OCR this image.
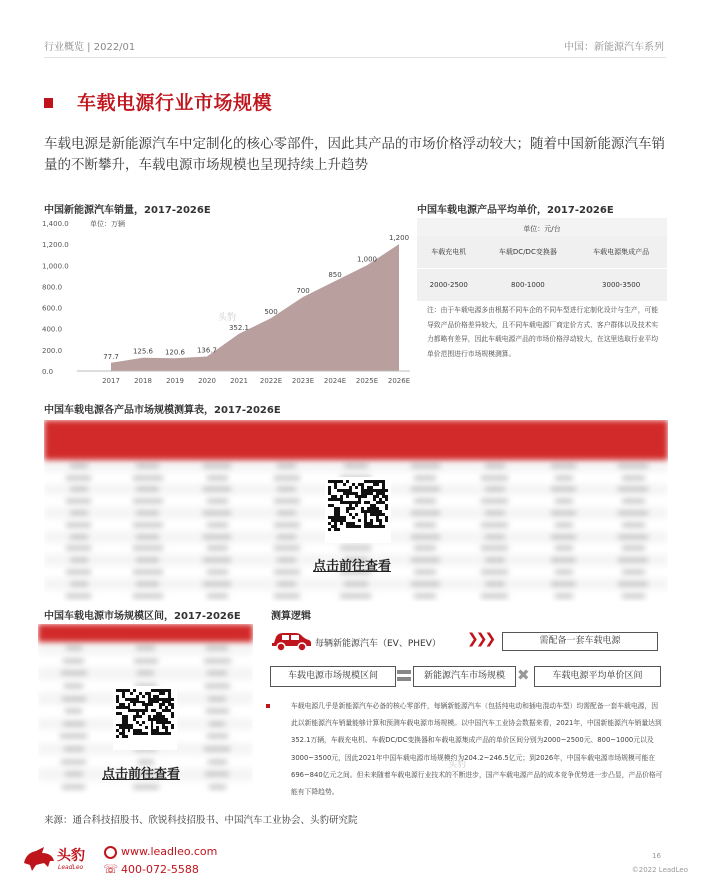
行业概览 | 2022/01	中国：新能源汽车系列
车载电源行业市场规模
车载电源是新能源汽车中定制化的核心零部件，因此其产品的市场价格浮动较大；随着中国新能源汽车销量的不断攀升，车载电源市场规模也呈现持续上升趋势
中国新能源汽车销量，2017-2026E
1,400.0
1,200.0
1,000.0
800.0
600.0
400.0
200.0
0.0
单位：万辆
头豹
77.7
125.6 120.6 136.7
352.1
500
700
850
1,000
1,200
2017 2018 2019 2020 2021 2022E 2023E 2024E 2025E 2026E
中国车载电源产品平均单价，2017-2026E
单位：元/台
车载充电机	车载DC/DC变换器	车载电源集成产品
2000-2500	800-1000	3000-3500
注：由于车载电源多由根据不同车企的不同车型进行定制化设计与生产，可能导致产品价格差异较大，且不同车载电源厂商定价方式、客户群体以及技术实力都略有差异，因此车载电源产品的市场价格浮动较大，在这里选取行业平均单价范围进行市场规模测算。
中国车载电源各产品市场规模测算表，2017-2026E
点击前往查看
中国车载电源市场规模区间，2017-2026E
点击前往查看
测算逻辑
每辆新能源汽车（EV、PHEV） ❯❯❯	需配备一套车载电源
车载电源市场规模区间	新能源汽车市场规模 ✖	车载电源平均单价区间
车载电源几乎是新能源汽车必备的核心零部件，每辆新能源汽车（包括纯电动和插电混动车型）均需配备一套车载电源，因此以新能源汽车销量能够计算和预测车载电源市场规模。以中国汽车工业协会数据来看，2021年，中国新能源汽车销量达到352.1万辆，车载充电机、车载DC/DC变换器和车载电源集成产品的单价区间分别为2000~2500元、800~1000元以及3000~3500元，因此2021年中国车载电源市场规模约为204.2~246.5亿元；到2026年，中国车载电源市场规模可能在696~840亿元之间。但未来随着车载电源行业技术的不断进步，国产车载电源产品的成本竞争优势进一步凸显，产品价格可能有下降趋势。
头豹
来源：通合科技招股书、欣锐科技招股书、中国汽车工业协会、头豹研究院
头豹
LeadLeo
www.leadleo.com
☏ 400-072-5588
16
©2022 LeadLeo
